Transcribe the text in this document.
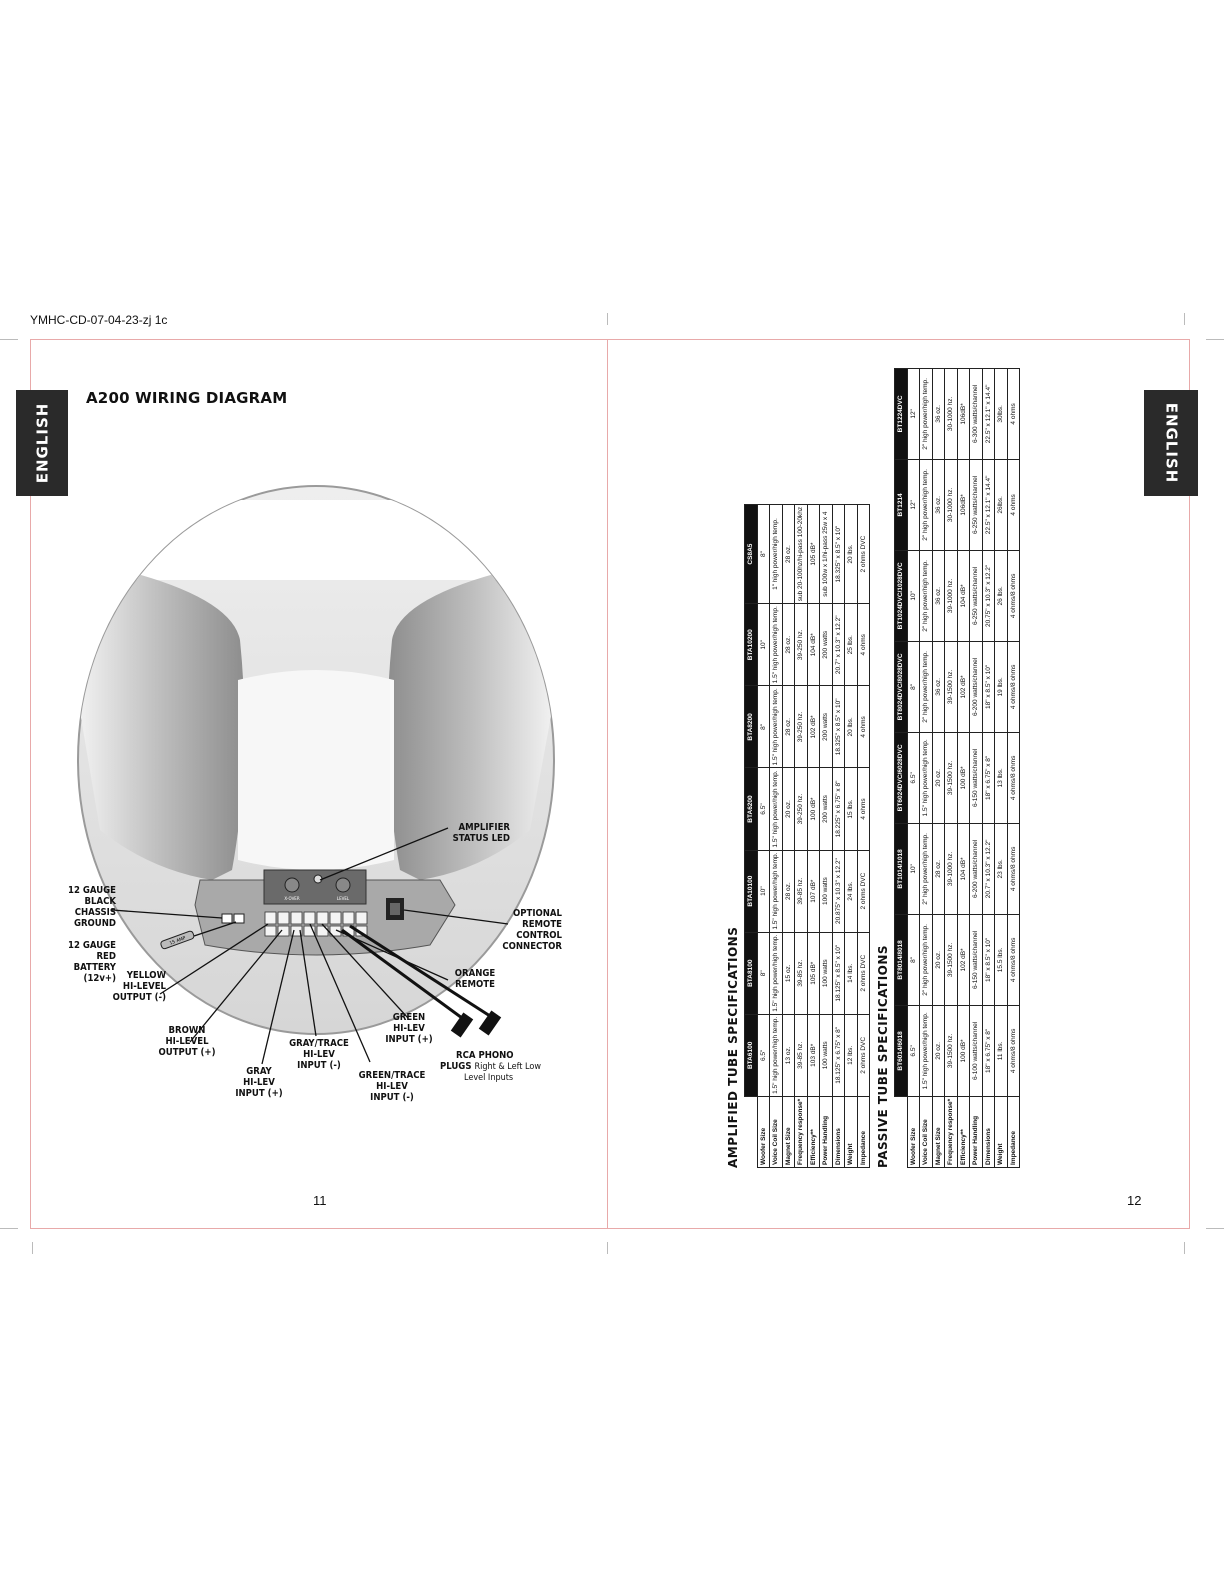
YMHC-CD-07-04-23-zj 1c
ENGLISH	ENGLISH
A200 WIRING DIAGRAM
X-OVER	LEVEL
15 AMP
12 GAUGE
BLACK
CHASSIS
GROUND
12 GAUGE
RED
BATTERY
(12v+)	YELLOW
HI-LEVEL
OUTPUT (-)
BROWN
HI-LEVEL
OUTPUT (+)
GRAY
HI-LEV
INPUT (+)
GRAY/TRACE
HI-LEV
INPUT (-)
GREEN/TRACE
HI-LEV
INPUT (-)
GREEN
HI-LEV
INPUT (+)
RCA PHONO
PLUGS Right & Left Low
Level Inputs
ORANGE
REMOTE
OPTIONAL
REMOTE
CONTROL
CONNECTOR
AMPLIFIER
STATUS LED
11
AMPLIFIED TUBE SPECIFICATIONS
		BTA6100	BTA8100	BTA10100	BTA6200	BTA8200	BTA10200	CS8A5
Woofer Size	6.5"	8"	10"	6.5"	8"	10"	8"
Voice Coil Size	1.5" high power/high temp.	1.5" high power/high temp.	1.5" high power/high temp.	1.5" high power/high temp.	1.5" high power/high temp.	1.5" high power/high temp.	1" high power/high temp.
Magnet Size	13 oz.	15 oz.	28 oz.	20 oz.	28 oz.	28 oz.	28 oz.
Frequency response*	39-85 hz.	39-85 hz.	39-85 hz.	39-250 hz.	39-250 hz.	39-250 hz.	sub 20-100hz/hi-pass 100-20khz
Efficiency**	103 dB*	105 dB*	107 dB*	100 dB*	102 dB*	104 dB*	105 dB*
Power Handling	100 watts	100 watts	100 watts	200 watts	200 watts	200 watts	sub 100w x 1/hi-pass 25w x 4
Dimensions	18.125" x 6.75" x 8"	18.125" x 8.5" x 10"	20.875" x 10.3" x 12.2"	18.225" x 6.75" x 8"	18.325" x 8.5" x 10"	20.7" x 10.3" x 12.2"	18.325" x 8.5" x 10"
Weight	12 lbs.	14 lbs.	24 lbs.	15 lbs.	20 lbs.	25 lbs.	20 lbs.
Impedance	2 ohms DVC	2 ohms DVC	2 ohms DVC	4 ohms	4 ohms	4 ohms	2 ohms DVC
PASSIVE TUBE SPECIFICATIONS
		BT6014/6018	BT8014/8018	BT1014/1018	BT6024DVC/6028DVC	BT8024DVC/8028DVC	BT1024DVC/1028DVC	BT1214	BT1224DVC
Woofer Size	6.5"	8"	10"	6.5"	8"	10"	12"	12"
Voice Coil Size	1.5" high power/high temp.	2" high power/high temp.	2" high power/high temp.	1.5" high power/high temp.	2" high power/high temp.	2" high power/high temp.	2" high power/high temp.	2" high power/high temp.
Magnet Size	20 oz.	20 oz.	28 oz.	20 oz.	36 oz.	36 oz.	36 oz.	36 oz.
Frequency response*	39-1500 hz.	39-1500 hz.	39-1000 hz.	39-1500 hz.	39-1500 hz.	39-1000 hz.	30-1000 hz.	30-1000 hz.
Efficiency**	100 dB*	102 dB*	104 dB*	100 dB*	102 dB*	104 dB*	106dB*	106dB*
Power Handling	6-100 watts/channel	6-150 watts/channel	6-200 watts/channel	6-150 watts/channel	6-200 watts/channel	6-250 watts/channel	6-250 watts/channel	6-300 watts/channel
Dimensions	18" x 6.75" x 8"	18" x 8.5" x 10"	20.7" x 10.3" x 12.2"	18" x 6.75" x 8"	18" x 8.5" x 10"	20.75" x 10.3" x 12.2"	22.5" x 12.1" x 14.4"	22.5" x 12.1" x 14.4"
Weight	11 lbs.	15.5 lbs.	23 lbs.	13 lbs.	19 lbs.	26 lbs.	26lbs.	30lbs.
Impedance	4 ohms/8 ohms	4 ohms/8 ohms	4 ohms/8 ohms	4 ohms/8 ohms	4 ohms/8 ohms	4 ohms/8 ohms	4 ohms	4 ohms
12
